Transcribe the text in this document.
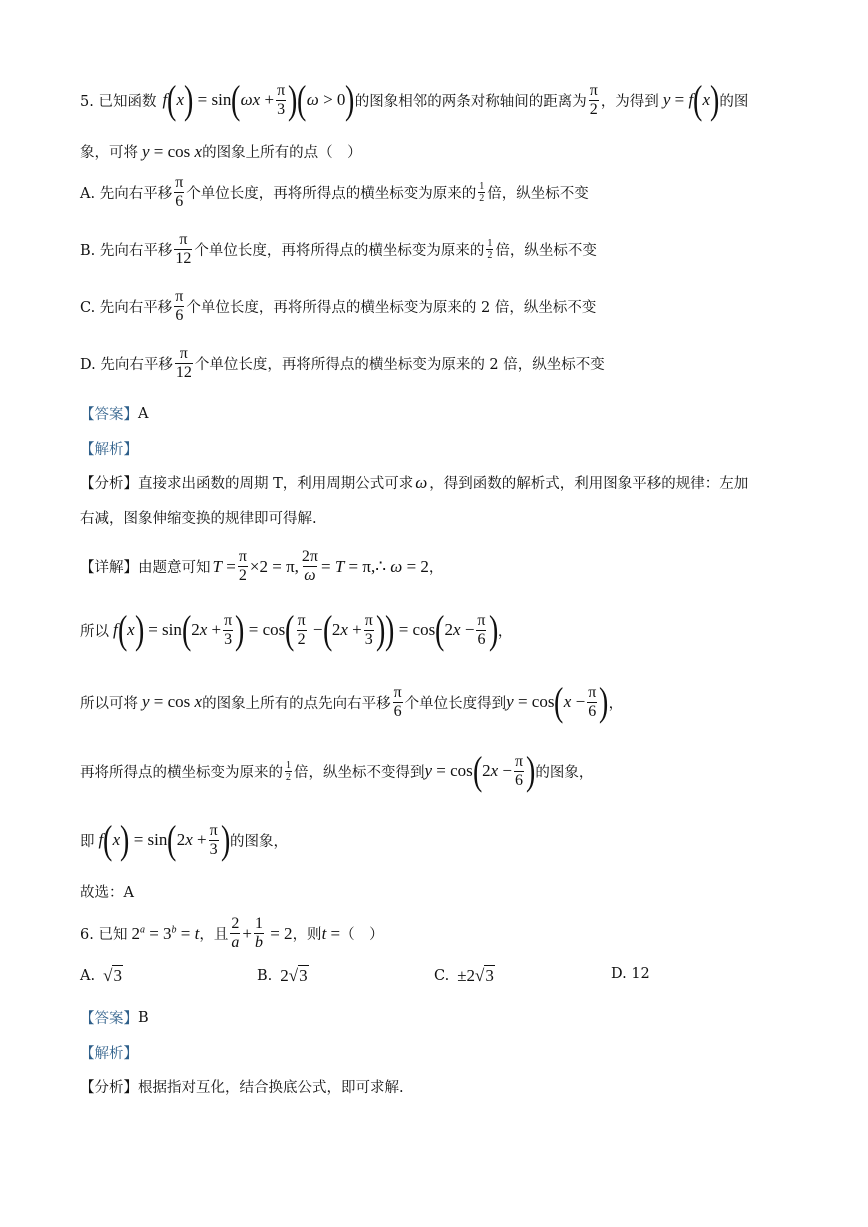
5. 已知函数 f ( x ) = sin ( $\omega x + \frac{\pi}{3}$ ) ( ω > 0 ) 的图象相邻的两条对称轴间的距离为 $\frac{\pi}{2}$ ，为得到 y = f ( x ) 的图
象，可将 y = cos x 的图象上所有的点（　）
A. 先向右平移 $\frac{\pi}{6}$ 个单位长度，再将所得点的横坐标变为原来的 $\frac{1}{2}$ 倍，纵坐标不变
B. 先向右平移 $\frac{\pi}{12}$ 个单位长度，再将所得点的横坐标变为原来的 $\frac{1}{2}$ 倍，纵坐标不变
C. 先向右平移 $\frac{\pi}{6}$ 个单位长度，再将所得点的横坐标变为原来的 2 倍，纵坐标不变
D. 先向右平移 $\frac{\pi}{12}$ 个单位长度，再将所得点的横坐标变为原来的 2 倍，纵坐标不变
【答案】 A
【解析】
【分析】 直接求出函数的周期 T，利用周期公式可求 ω ，得到函数的解析式，利用图象平移的规律：左加
右减，图象伸缩变换的规律即可得解.
【详解】 由题意可知 $T = \frac{\pi}{2} \times 2 = \pi$, $\frac{2\pi}{\omega} = T$ = π,∴ ω = 2 ，
所以 f ( x ) = sin ( 2 $x + \frac{\pi}{3}$ ) = cos ( $\frac{\pi}{2}$ − ( 2 $x + \frac{\pi}{3}$ ) ) = cos ( 2 $x - \frac{\pi}{6}$ ) ，
所以可将 y = cos x 的图象上所有的点先向右平移 $\frac{\pi}{6}$ 个单位长度得到 y = cos ( $x - \frac{\pi}{6}$ ) ，
再将所得点的横坐标变为原来的 $\frac{1}{2}$ 倍，纵坐标不变得到 y = cos ( 2 $x - \frac{\pi}{6}$ ) 的图象，
即 f ( x ) = sin ( 2 $x + \frac{\pi}{3}$ ) 的图象，
故选：A
6. 已知 $2^a = 3^b = t$ ，且 $\frac{2}{a} + \frac{1}{b} = 2$ ，则 t = （　）
A. √3	B. 2√3	C. ±2√3	D. 12
【答案】 B
【解析】
【分析】 根据指对互化，结合换底公式，即可求解.
